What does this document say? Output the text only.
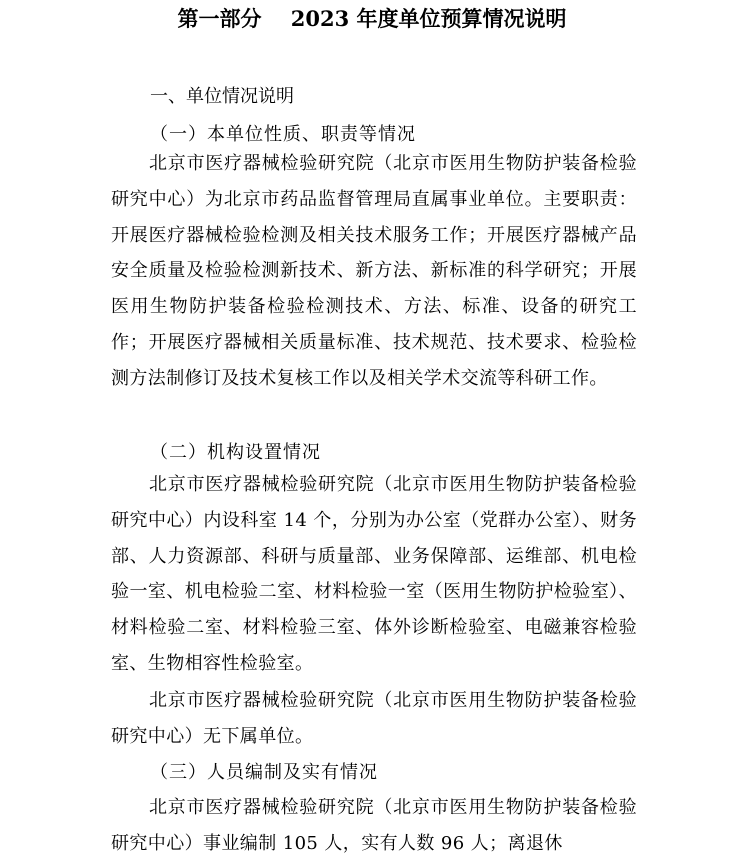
第一部分    2023 年度单位预算情况说明
一、单位情况说明
（一）本单位性质、职责等情况
北京市医疗器械检验研究院（北京市医用生物防护装备检验研究中心）为北京市药品监督管理局直属事业单位。主要职责：开展医疗器械检验检测及相关技术服务工作；开展医疗器械产品安全质量及检验检测新技术、新方法、新标准的科学研究；开展医用生物防护装备检验检测技术、方法、标准、设备的研究工作；开展医疗器械相关质量标准、技术规范、技术要求、检验检测方法制修订及技术复核工作以及相关学术交流等科研工作。
（二）机构设置情况
北京市医疗器械检验研究院（北京市医用生物防护装备检验研究中心）内设科室 14 个，分别为办公室（党群办公室）、财务部、人力资源部、科研与质量部、业务保障部、运维部、机电检验一室、机电检验二室、材料检验一室（医用生物防护检验室）、材料检验二室、材料检验三室、体外诊断检验室、电磁兼容检验室、生物相容性检验室。
北京市医疗器械检验研究院（北京市医用生物防护装备检验研究中心）无下属单位。
（三）人员编制及实有情况
北京市医疗器械检验研究院（北京市医用生物防护装备检验研究中心）事业编制 105 人，实有人数 96 人；离退休
